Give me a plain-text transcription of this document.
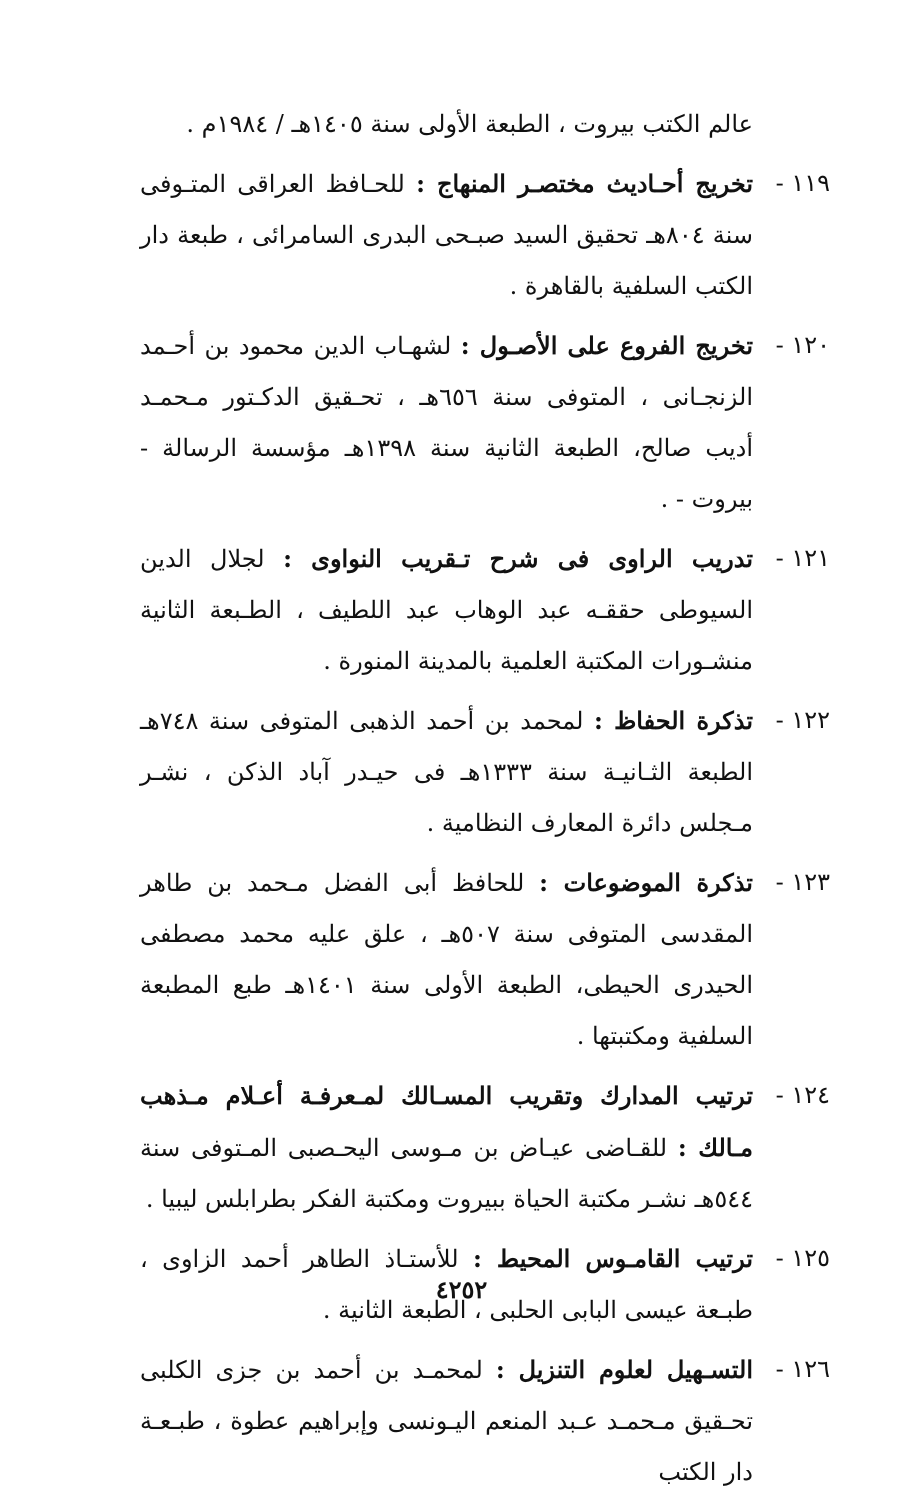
عالم الكتب بيروت ، الطبعة الأولى سنة ١٤٠٥هـ / ١٩٨٤م .
١١٩ -
تخريج أحـاديث مختصـر المنهاج : للحـافظ العراقى المتـوفى سنة ٨٠٤هـ تحقيق السيد صبـحى البدرى السامرائى ، طبعة دار الكتب السلفية بالقاهرة .
١٢٠ -
تخريج الفروع على الأصـول : لشهـاب الدين محمود بن أحـمد الزنجـانى ، المتوفى سنة ٦٥٦هـ ، تحـقيق الدكـتور مـحمـد أديب صالح، الطبعة الثانية سنة ١٣٩٨هـ مؤسسة الرسالة - بيروت - .
١٢١ -
تدريب الراوى فى شرح تـقريب النواوى : لجلال الدين السيوطى حققـه عبد الوهاب عبد اللطيف ، الطـبعة الثانية منشـورات المكتبة العلمية بالمدينة المنورة .
١٢٢ -
تذكرة الحفاظ : لمحمد بن أحمد الذهبى المتوفى سنة ٧٤٨هـ الطبعة الثـانيـة سنة ١٣٣٣هـ فى حيـدر آباد الذكن ، نشـر مـجلس دائرة المعارف النظامية .
١٢٣ -
تذكرة الموضوعات : للحافظ أبى الفضل مـحمد بن طاهر المقدسى المتوفى سنة ٥٠٧هـ ، علق عليه محمد مصطفى الحيدرى الحيطى، الطبعة الأولى سنة ١٤٠١هـ طبع المطبعة السلفية ومكتبتها .
١٢٤ -
ترتيب المدارك وتقريب المسـالك لمـعرفـة أعـلام مـذهب مـالك : للقـاضى عيـاض بن مـوسى اليحـصبى المـتوفى سنة ٥٤٤هـ نشـر مكتبة الحياة ببيروت ومكتبة الفكر بطرابلس ليبيا .
١٢٥ -
ترتيب القامـوس المحيط : للأستـاذ الطاهر أحمد الزاوى ، طبـعة عيسى البابى الحلبى ، الطبعة الثانية .
١٢٦ -
التسـهيل لعلوم التنزيل : لمحمـد بن أحمد بن جزى الكلبى تحـقيق مـحمـد عـبد المنعم اليـونسى وإبراهيم عطوة ، طبـعـة دار الكتب
٤٢٥٢
